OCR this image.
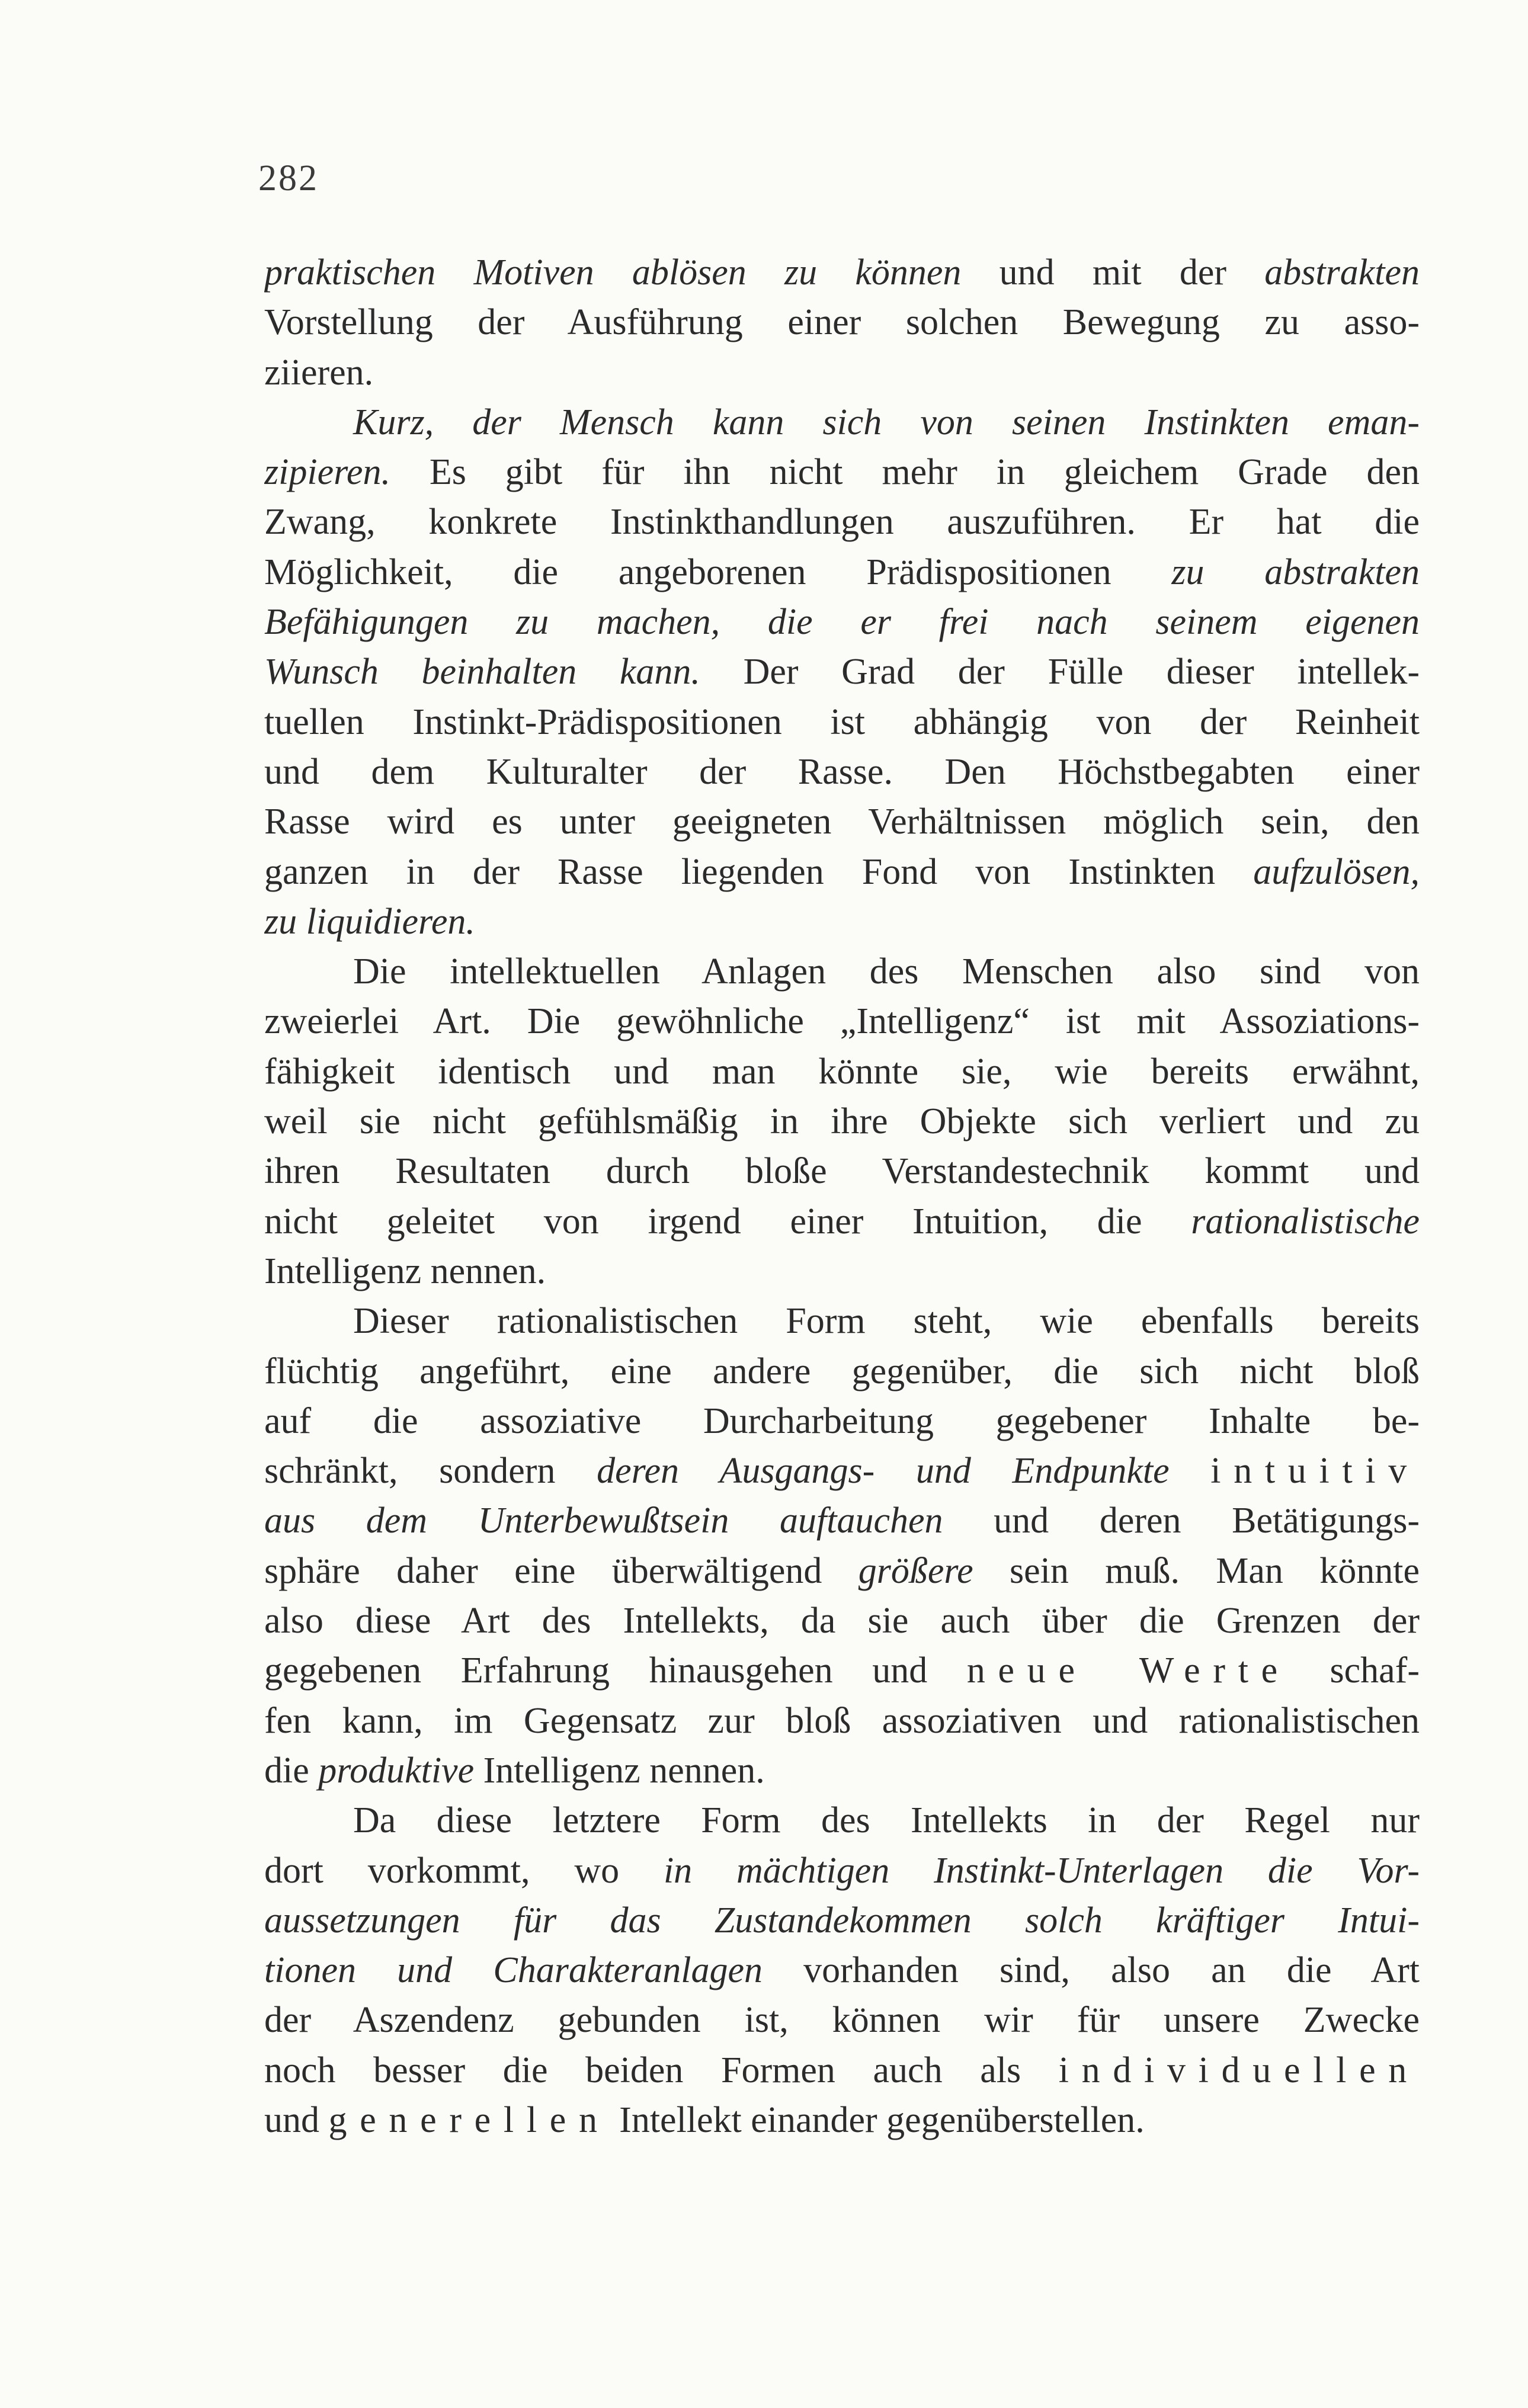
282
praktischen Motiven ablösen zu können und mit der abstrakten
Vorstellung der Ausführung einer solchen Bewegung zu asso-
ziieren.
Kurz, der Mensch kann sich von seinen Instinkten eman-
zipieren. Es gibt für ihn nicht mehr in gleichem Grade den
Zwang, konkrete Instinkthandlungen auszuführen. Er hat die
Möglichkeit, die angeborenen Prädispositionen zu abstrakten
Befähigungen zu machen, die er frei nach seinem eigenen
Wunsch beinhalten kann. Der Grad der Fülle dieser intellek-
tuellen Instinkt-Prädispositionen ist abhängig von der Reinheit
und dem Kulturalter der Rasse. Den Höchstbegabten einer
Rasse wird es unter geeigneten Verhältnissen möglich sein, den
ganzen in der Rasse liegenden Fond von Instinkten aufzulösen,
zu liquidieren.
Die intellektuellen Anlagen des Menschen also sind von
zweierlei Art. Die gewöhnliche „Intelligenz“ ist mit Assoziations-
fähigkeit identisch und man könnte sie, wie bereits erwähnt,
weil sie nicht gefühlsmäßig in ihre Objekte sich verliert und zu
ihren Resultaten durch bloße Verstandestechnik kommt und
nicht geleitet von irgend einer Intuition, die rationalistische
Intelligenz nennen.
Dieser rationalistischen Form steht, wie ebenfalls bereits
flüchtig angeführt, eine andere gegenüber, die sich nicht bloß
auf die assoziative Durcharbeitung gegebener Inhalte be-
schränkt, sondern deren Ausgangs- und Endpunkte intuitiv
aus dem Unterbewußtsein auftauchen und deren Betätigungs-
sphäre daher eine überwältigend größere sein muß. Man könnte
also diese Art des Intellekts, da sie auch über die Grenzen der
gegebenen Erfahrung hinausgehen und neue Werte schaf-
fen kann, im Gegensatz zur bloß assoziativen und rationalistischen
die produktive Intelligenz nennen.
Da diese letztere Form des Intellekts in der Regel nur
dort vorkommt, wo in mächtigen Instinkt-Unterlagen die Vor-
aussetzungen für das Zustandekommen solch kräftiger Intui-
tionen und Charakteranlagen vorhanden sind, also an die Art
der Aszendenz gebunden ist, können wir für unsere Zwecke
noch besser die beiden Formen auch als individuellen
und generellen Intellekt einander gegenüberstellen.
